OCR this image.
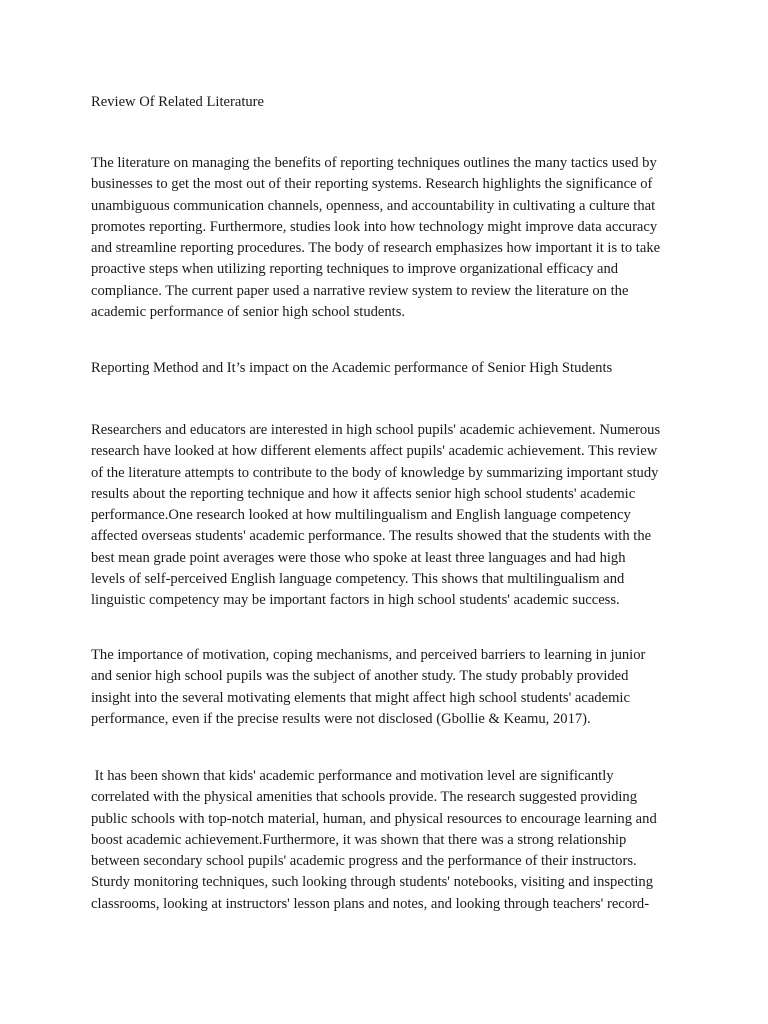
Review Of Related Literature

The literature on managing the benefits of reporting techniques outlines the many tactics used by
businesses to get the most out of their reporting systems. Research highlights the significance of
unambiguous communication channels, openness, and accountability in cultivating a culture that
promotes reporting. Furthermore, studies look into how technology might improve data accuracy
and streamline reporting procedures. The body of research emphasizes how important it is to take
proactive steps when utilizing reporting techniques to improve organizational efficacy and
compliance. The current paper used a narrative review system to review the literature on the
academic performance of senior high school students.

Reporting Method and It’s impact on the Academic performance of Senior High Students

Researchers and educators are interested in high school pupils' academic achievement. Numerous
research have looked at how different elements affect pupils' academic achievement. This review
of the literature attempts to contribute to the body of knowledge by summarizing important study
results about the reporting technique and how it affects senior high school students' academic
performance.One research looked at how multilingualism and English language competency
affected overseas students' academic performance. The results showed that the students with the
best mean grade point averages were those who spoke at least three languages and had high
levels of self-perceived English language competency. This shows that multilingualism and
linguistic competency may be important factors in high school students' academic success.

The importance of motivation, coping mechanisms, and perceived barriers to learning in junior
and senior high school pupils was the subject of another study. The study probably provided
insight into the several motivating elements that might affect high school students' academic
performance, even if the precise results were not disclosed (Gbollie & Keamu, 2017).

It has been shown that kids' academic performance and motivation level are significantly
correlated with the physical amenities that schools provide. The research suggested providing
public schools with top-notch material, human, and physical resources to encourage learning and
boost academic achievement.Furthermore, it was shown that there was a strong relationship
between secondary school pupils' academic progress and the performance of their instructors.
Sturdy monitoring techniques, such looking through students' notebooks, visiting and inspecting
classrooms, looking at instructors' lesson plans and notes, and looking through teachers' record-
